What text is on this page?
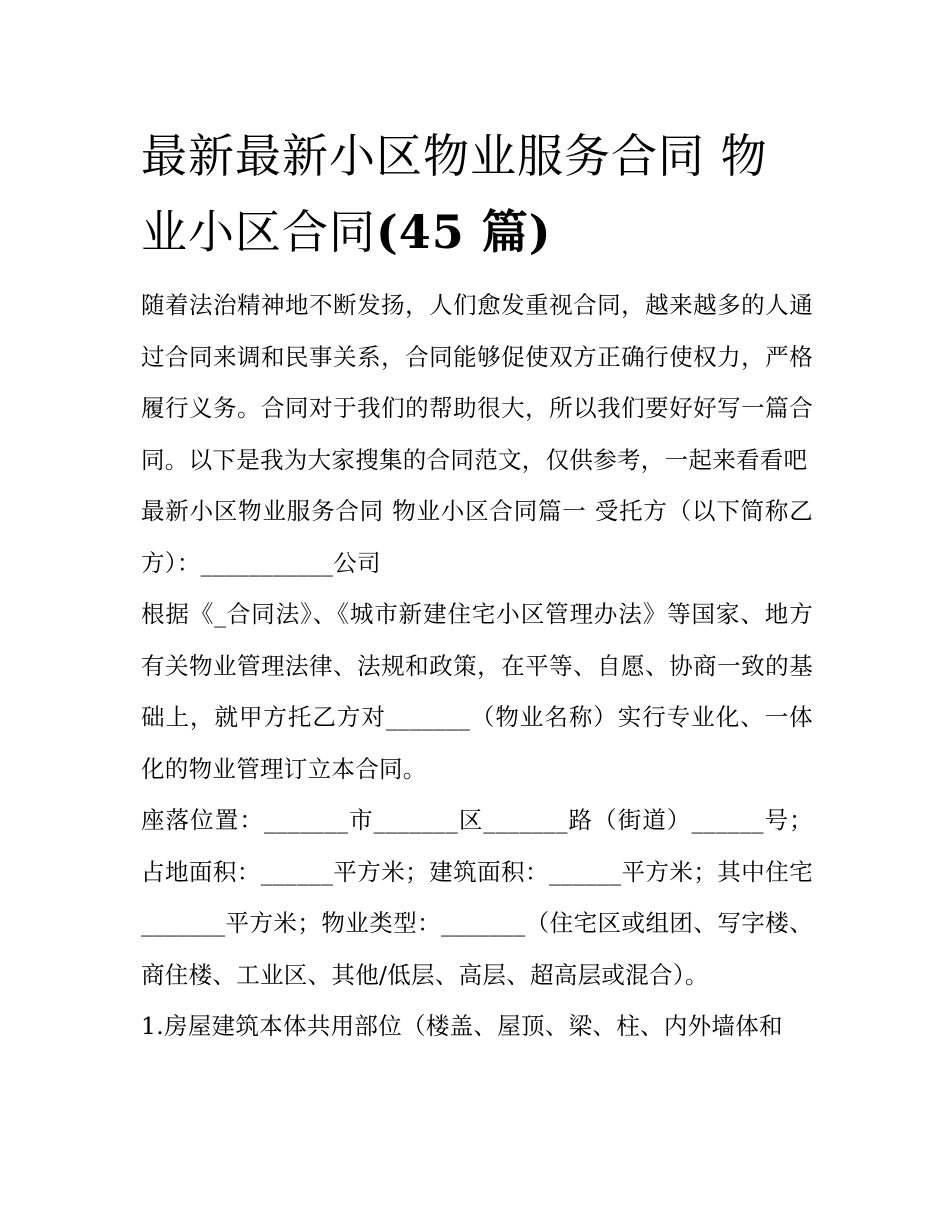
最新最新小区物业服务合同 物业小区合同(45 篇)

随着法治精神地不断发扬，人们愈发重视合同，越来越多的人通过合同来调和民事关系，合同能够促使双方正确行使权力，严格履行义务。合同对于我们的帮助很大，所以我们要好好写一篇合同。以下是我为大家搜集的合同范文，仅供参考，一起来看看吧

最新小区物业服务合同 物业小区合同篇一 受托方（以下简称乙方）：___________公司

根据《_合同法》、《城市新建住宅小区管理办法》等国家、地方有关物业管理法律、法规和政策，在平等、自愿、协商一致的基础上，就甲方托乙方对_______（物业名称）实行专业化、一体化的物业管理订立本合同。

座落位置：_______市_______区_______路（街道）______号；占地面积：______平方米；建筑面积：______平方米；其中住宅_______平方米；物业类型：_______（住宅区或组团、写字楼、商住楼、工业区、其他/低层、高层、超高层或混合）。

1.房屋建筑本体共用部位（楼盖、屋顶、梁、柱、内外墙体和
